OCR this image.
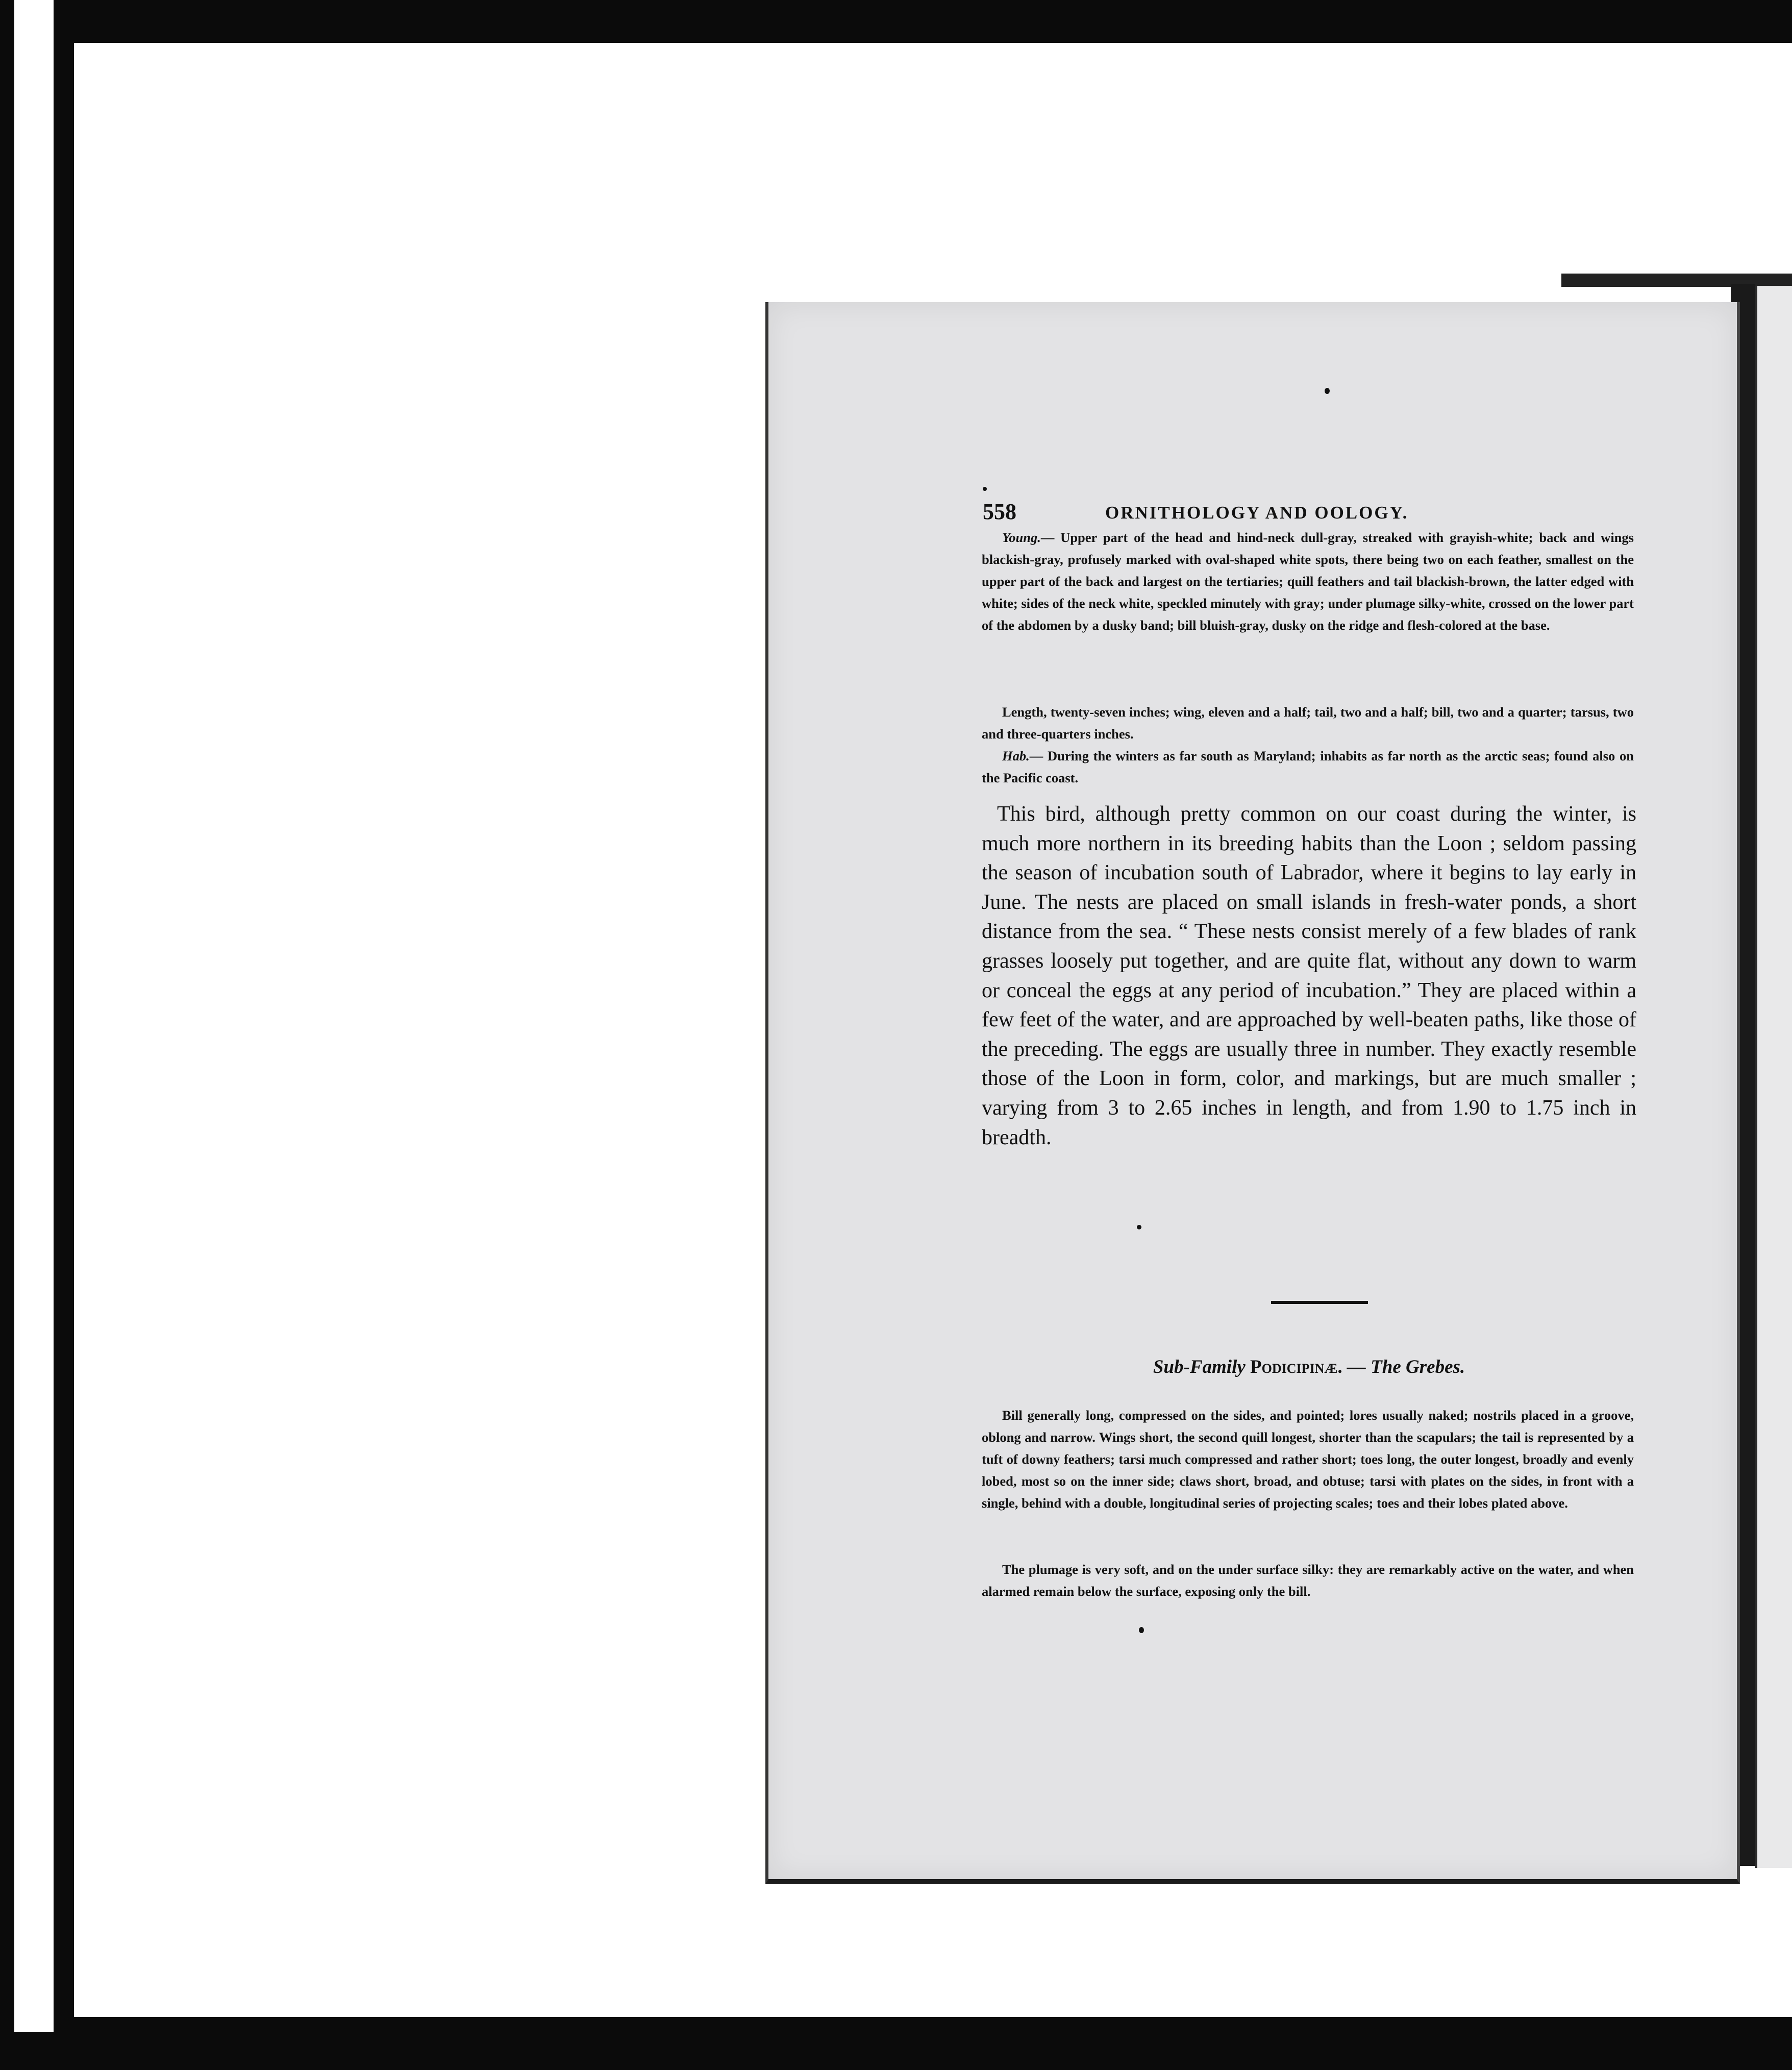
558	ORNITHOLOGY AND OOLOGY.

Young.— Upper part of the head and hind-neck dull-gray, streaked with grayish-white; back and wings blackish-gray, profusely marked with oval-shaped white spots, there being two on each feather, smallest on the upper part of the back and largest on the tertiaries; quill feathers and tail blackish-brown, the latter edged with white; sides of the neck white, speckled minutely with gray; under plumage silky-white, crossed on the lower part of the abdomen by a dusky band; bill bluish-gray, dusky on the ridge and flesh-colored at the base.

Length, twenty-seven inches; wing, eleven and a half; tail, two and a half; bill, two and a quarter; tarsus, two and three-quarters inches.

Hab.— During the winters as far south as Maryland; inhabits as far north as the arctic seas; found also on the Pacific coast.

This bird, although pretty common on our coast during the winter, is much more northern in its breeding habits than the Loon ; seldom passing the season of incubation south of Labrador, where it begins to lay early in June. The nests are placed on small islands in fresh-water ponds, a short distance from the sea. “ These nests consist merely of a few blades of rank grasses loosely put together, and are quite flat, without any down to warm or conceal the eggs at any period of incubation.” They are placed within a few feet of the water, and are approached by well-beaten paths, like those of the preceding. The eggs are usually three in number. They exactly resemble those of the Loon in form, color, and markings, but are much smaller ; varying from 3 to 2.65 inches in length, and from 1.90 to 1.75 inch in breadth.

Sub-Family Podicipinæ. — The Grebes.

Bill generally long, compressed on the sides, and pointed; lores usually naked; nostrils placed in a groove, oblong and narrow. Wings short, the second quill longest, shorter than the scapulars; the tail is represented by a tuft of downy feathers; tarsi much compressed and rather short; toes long, the outer longest, broadly and evenly lobed, most so on the inner side; claws short, broad, and obtuse; tarsi with plates on the sides, in front with a single, behind with a double, longitudinal series of projecting scales; toes and their lobes plated above.

The plumage is very soft, and on the under surface silky: they are remarkably active on the water, and when alarmed remain below the surface, exposing only the bill.
